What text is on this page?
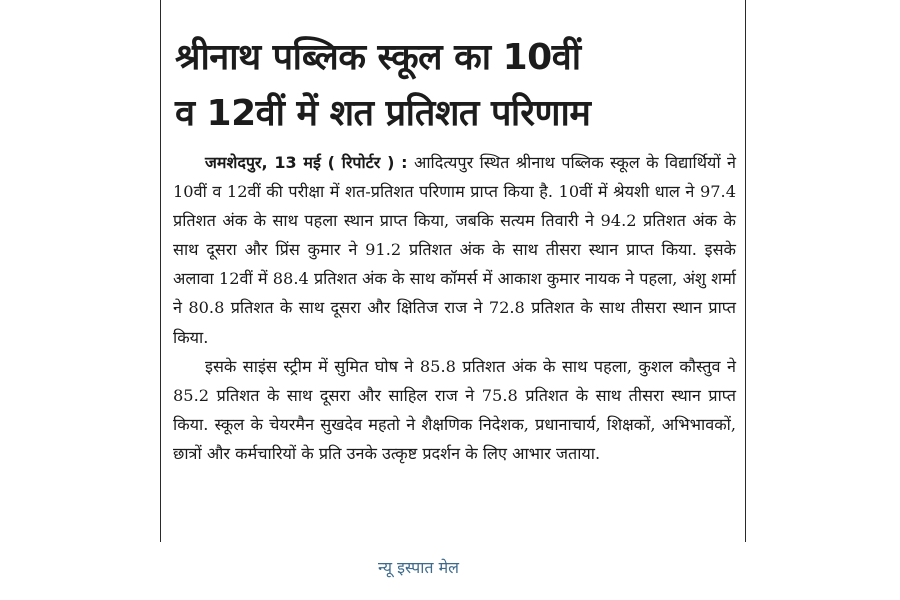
श्रीनाथ पब्लिक स्कूल का 10वीं
व 12वीं में शत प्रतिशत परिणाम

जमशेदपुर, 13 मई ( रिपोर्टर ) : आदित्यपुर स्थित श्रीनाथ पब्लिक स्कूल के विद्यार्थियों ने 10वीं व 12वीं की परीक्षा में शत-प्रतिशत परिणाम प्राप्त किया है. 10वीं में श्रेयशी धाल ने 97.4 प्रतिशत अंक के साथ पहला स्थान प्राप्त किया, जबकि सत्यम तिवारी ने 94.2 प्रतिशत अंक के साथ दूसरा और प्रिंस कुमार ने 91.2 प्रतिशत अंक के साथ तीसरा स्थान प्राप्त किया. इसके अलावा 12वीं में 88.4 प्रतिशत अंक के साथ कॉमर्स में आकाश कुमार नायक ने पहला, अंशु शर्मा ने 80.8 प्रतिशत के साथ दूसरा और क्षितिज राज ने 72.8 प्रतिशत के साथ तीसरा स्थान प्राप्त किया.

इसके साइंस स्ट्रीम में सुमित घोष ने 85.8 प्रतिशत अंक के साथ पहला, कुशल कौस्तुव ने 85.2 प्रतिशत के साथ दूसरा और साहिल राज ने 75.8 प्रतिशत के साथ तीसरा स्थान प्राप्त किया. स्कूल के चेयरमैन सुखदेव महतो ने शैक्षणिक निदेशक, प्रधानाचार्य, शिक्षकों, अभिभावकों, छात्रों और कर्मचारियों के प्रति उनके उत्कृष्ट प्रदर्शन के लिए आभार जताया.

न्यू इस्पात मेल
